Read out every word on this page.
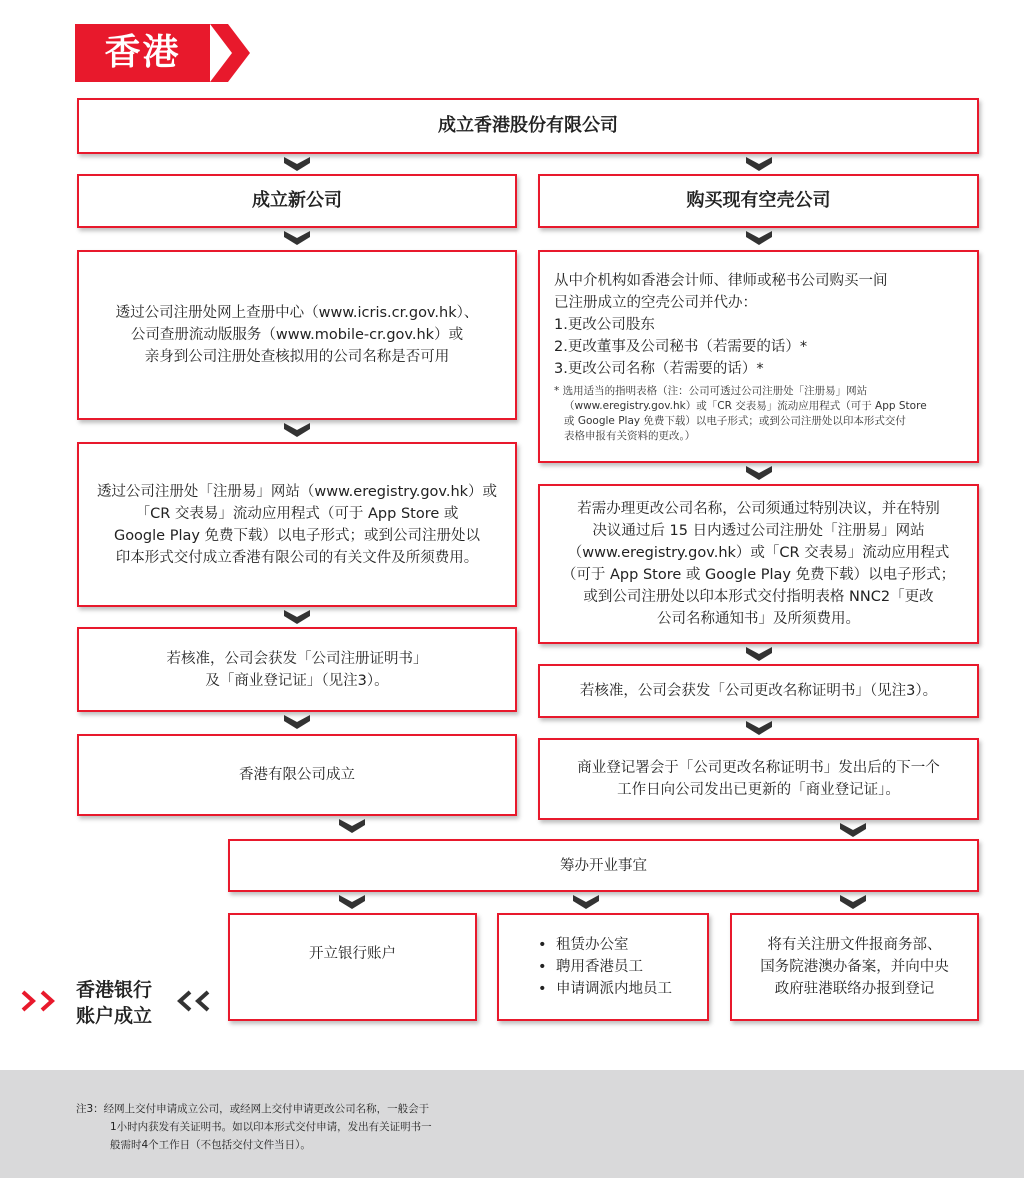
香港
成立香港股份有限公司
成立新公司
透过公司注册处网上查册中心（www.icris.cr.gov.hk）、
公司查册流动版服务（www.mobile-cr.gov.hk）或
亲身到公司注册处查核拟用的公司名称是否可用
透过公司注册处「注册易」网站（www.eregistry.gov.hk）或
「CR 交表易」流动应用程式（可于 App Store 或
Google Play 免费下载）以电子形式；或到公司注册处以
印本形式交付成立香港有限公司的有关文件及所须费用。
若核准，公司会获发「公司注册证明书」
及「商业登记证」（见注3）。
香港有限公司成立
购买现有空壳公司
从中介机构如香港会计师、律师或秘书公司购买一间
已注册成立的空壳公司并代办：
1.更改公司股东
2.更改董事及公司秘书（若需要的话）*
3.更改公司名称（若需要的话）*
* 选用适当的指明表格（注：公司可透过公司注册处「注册易」网站
（www.eregistry.gov.hk）或「CR 交表易」流动应用程式（可于 App Store
或 Google Play 免费下载）以电子形式；或到公司注册处以印本形式交付
表格申报有关资料的更改。）
若需办理更改公司名称，公司须通过特别决议，并在特别
决议通过后 15 日内透过公司注册处「注册易」网站
（www.eregistry.gov.hk）或「CR 交表易」流动应用程式
（可于 App Store 或 Google Play 免费下载）以电子形式；
或到公司注册处以印本形式交付指明表格 NNC2「更改
公司名称通知书」及所须费用。
若核准，公司会获发「公司更改名称证明书」（见注3）。
商业登记署会于「公司更改名称证明书」发出后的下一个
工作日向公司发出已更新的「商业登记证」。
筹办开业事宜
开立银行账户
• 租赁办公室
• 聘用香港员工
• 申请调派内地员工
将有关注册文件报商务部、
国务院港澳办备案，并向中央
政府驻港联络办报到登记
香港银行
账户成立
注3：经网上交付申请成立公司，或经网上交付申请更改公司名称，一般会于
1小时内获发有关证明书。如以印本形式交付申请，发出有关证明书一
般需时4个工作日（不包括交付文件当日）。
